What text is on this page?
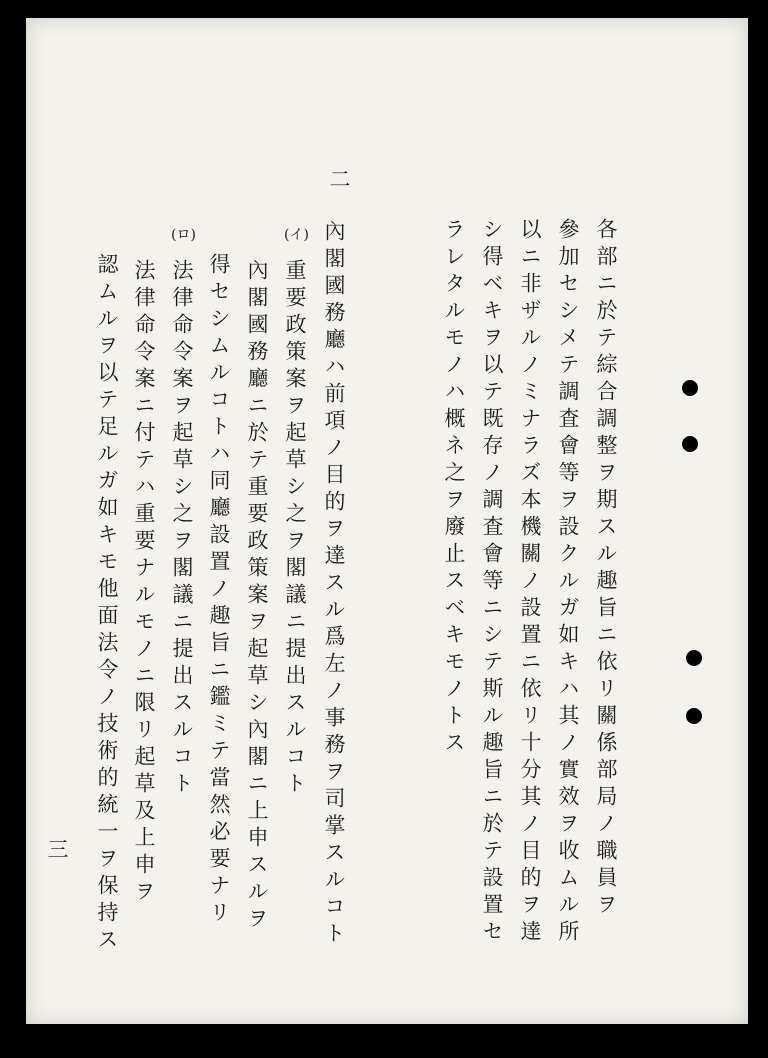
二
各部ニ於テ綜合調整ヲ期スル趣旨ニ依リ關係部局ノ職員ヲ
參加セシメテ調査會等ヲ設クルガ如キハ其ノ實效ヲ收ムル所
以ニ非ザルノミナラズ本機關ノ設置ニ依リ十分其ノ目的ヲ達
シ得ベキヲ以テ既存ノ調査會等ニシテ斯ル趣旨ニ於テ設置セ
ラレタルモノハ概ネ之ヲ廢止スベキモノトス
內閣國務廳ハ前項ノ目的ヲ達スル爲左ノ事務ヲ司掌スルコト
(イ)
重要政策案ヲ起草シ之ヲ閣議ニ提出スルコト
內閣國務廳ニ於テ重要政策案ヲ起草シ內閣ニ上申スルヲ
得セシムルコトハ同廳設置ノ趣旨ニ鑑ミテ當然必要ナリ
(ロ)
法律命令案ヲ起草シ之ヲ閣議ニ提出スルコト
法律命令案ニ付テハ重要ナルモノニ限リ起草及上申ヲ
認ムルヲ以テ足ルガ如キモ他面法令ノ技術的統一ヲ保持ス
三
